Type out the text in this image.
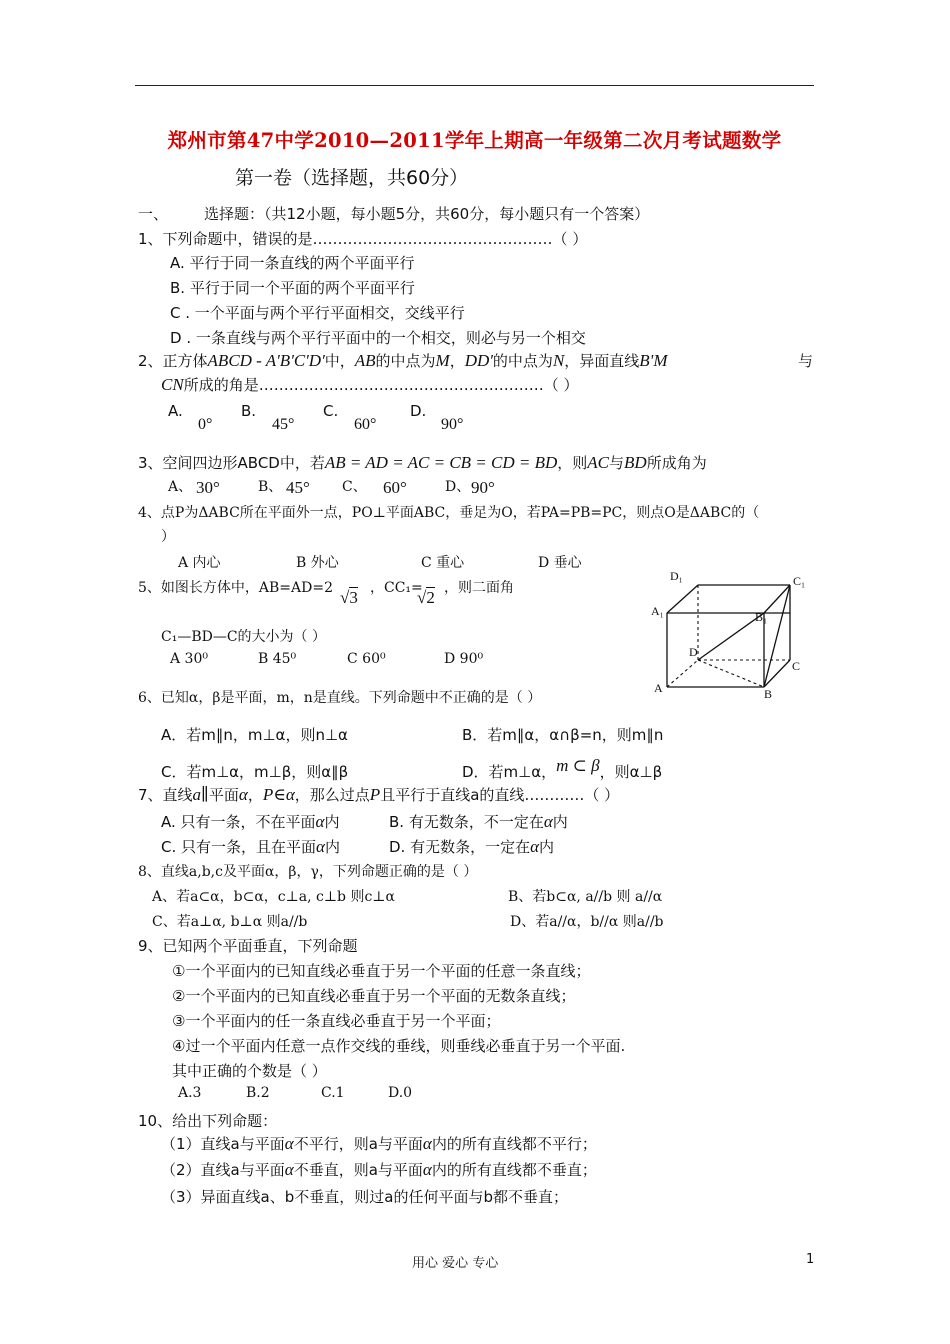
郑州市第47中学2010—2011学年上期高一年级第二次月考试题数学
第一卷（选择题，共60分）
一、 选择题：（共12小题，每小题5分，共60分，每小题只有一个答案）
1、下列命题中，错误的是…………………………………………（ ）
A. 平行于同一条直线的两个平面平行
B. 平行于同一个平面的两个平面平行
C . 一个平面与两个平行平面相交，交线平行
D . 一条直线与两个平行平面中的一个相交，则必与另一个相交
2、正方体ABCD - A'B'C'D'中，AB的中点为M，DD'的中点为N，异面直线B'M	与
CN所成的角是…………………………………………………（ ）
A.
0°
B.
45°
C.
60°
D.
90°
3、空间四边形ABCD中，若AB = AD = AC = CB = CD = BD，则AC与BD所成角为
A、 30°	B、 45° C、 60°	D、 90°
4、点P为ΔABC所在平面外一点，PO⊥平面ABC，垂足为O，若PA=PB=PC，则点O是ΔABC的（
）
A 内心	B 外心	C 重心	D 垂心
5、如图长方体中，AB=AD=2 √3 ，CC₁=
√2 ，则二面角
C₁—BD—C的大小为（ ）
A 30⁰	B 45⁰	C 60⁰	D 90⁰
D₁	C₁
A₁	B₁
D
C
A	B
6、已知α，β是平面，m，n是直线。下列命题中不正确的是（ ）
A．若m∥n，m⊥α，则n⊥α	B．若m∥α，α∩β=n，则m∥n
C．若m⊥α，m⊥β，则α∥β	D．若m⊥α，m ⊂ β，则α⊥β
7、直线a∥平面α，P∈α，那么过点P且平行于直线a的直线…………（ ）
A. 只有一条，不在平面α内	B. 有无数条，不一定在α内
C. 只有一条，且在平面α内	D. 有无数条，一定在α内
8、直线a,b,c及平面α，β，γ，下列命题正确的是（ ）
A、若a⊂α，b⊂α，c⊥a, c⊥b 则c⊥α	B、若b⊂α, a//b 则 a//α
C、若a⊥α, b⊥α 则a//b	D、若a//α，b//α 则a//b
9、已知两个平面垂直，下列命题
①一个平面内的已知直线必垂直于另一个平面的任意一条直线；
②一个平面内的已知直线必垂直于另一个平面的无数条直线；
③一个平面内的任一条直线必垂直于另一个平面；
④过一个平面内任意一点作交线的垂线，则垂线必垂直于另一个平面.
其中正确的个数是（ ）
A.3	B.2	C.1	D.0
10、给出下列命题：
（1）直线a与平面α不平行，则a与平面α内的所有直线都不平行；
（2）直线a与平面α不垂直，则a与平面α内的所有直线都不垂直；
（3）异面直线a、b不垂直，则过a的任何平面与b都不垂直；
用心 爱心 专心	1
